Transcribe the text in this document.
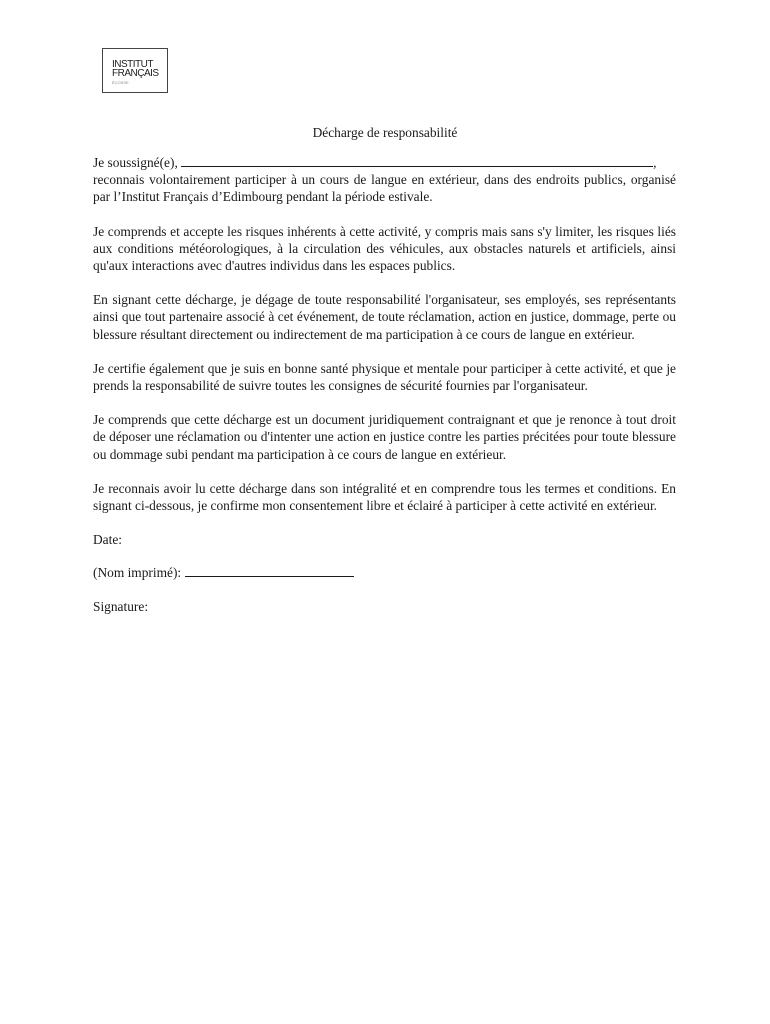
INSTITUT
FRANÇAIS
ÉCOSSE
Décharge de responsabilité

Je soussigné(e),	,
reconnais volontairement participer à un cours de langue en extérieur, dans des endroits publics, organisé par l’Institut Français d’Edimbourg pendant la période estivale.

Je comprends et accepte les risques inhérents à cette activité, y compris mais sans s'y limiter, les risques liés aux conditions météorologiques, à la circulation des véhicules, aux obstacles naturels et artificiels, ainsi qu'aux interactions avec d'autres individus dans les espaces publics.

En signant cette décharge, je dégage de toute responsabilité l'organisateur, ses employés, ses représentants ainsi que tout partenaire associé à cet événement, de toute réclamation, action en justice, dommage, perte ou blessure résultant directement ou indirectement de ma participation à ce cours de langue en extérieur.

Je certifie également que je suis en bonne santé physique et mentale pour participer à cette activité, et que je prends la responsabilité de suivre toutes les consignes de sécurité fournies par l'organisateur.

Je comprends que cette décharge est un document juridiquement contraignant et que je renonce à tout droit de déposer une réclamation ou d'intenter une action en justice contre les parties précitées pour toute blessure ou dommage subi pendant ma participation à ce cours de langue en extérieur.

Je reconnais avoir lu cette décharge dans son intégralité et en comprendre tous les termes et conditions. En signant ci-dessous, je confirme mon consentement libre et éclairé à participer à cette activité en extérieur.

Date:

(Nom imprimé):

Signature:
